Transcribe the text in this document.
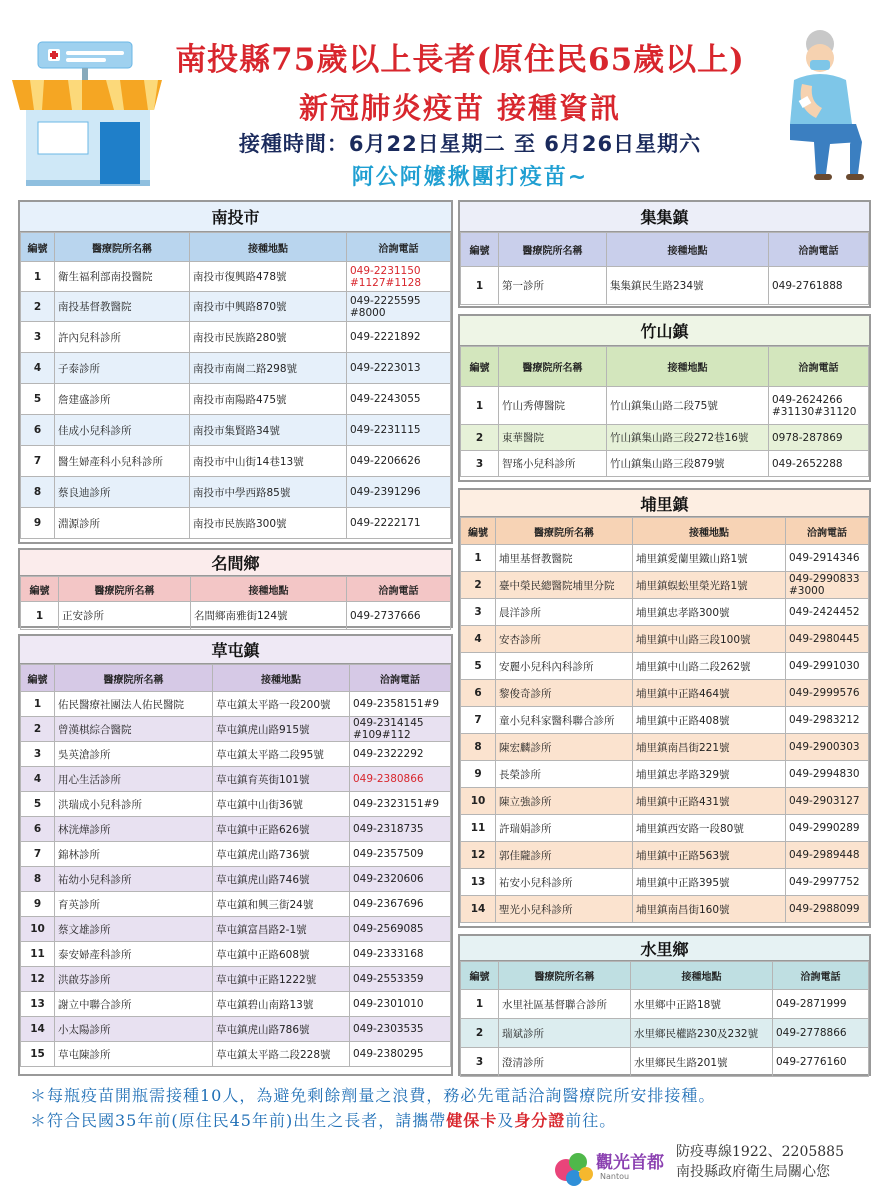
南投縣75歲以上長者(原住民65歲以上)
新冠肺炎疫苗 接種資訊
接種時間：6月22日星期二 至 6月26日星期六
阿公阿嬤揪團打疫苗~
南投市
編號	醫療院所名稱	接種地點	洽詢電話
1	衛生福利部南投醫院	南投市復興路478號	049-2231150
#1127#1128

2	南投基督教醫院	南投市中興路870號	049-2225595
#8000

3	許內兒科診所	南投市民族路280號	049-2221892

4	子泰診所	南投市南崗二路298號	049-2223013

5	詹建盛診所	南投市南陽路475號	049-2243055

6	佳成小兒科診所	南投市集賢路34號	049-2231115

7	醫生婦產科小兒科診所	南投市中山街14巷13號	049-2206626

8	蔡良迪診所	南投市中學西路85號	049-2391296

9	淵源診所	南投市民族路300號	049-2222171
名間鄉
編號	醫療院所名稱	接種地點	洽詢電話
1	正安診所	名間鄉南雅街124號	049-2737666
草屯鎮
編號	醫療院所名稱	接種地點	洽詢電話
1	佑民醫療社團法人佑民醫院	草屯鎮太平路一段200號	049-2358151#9

2	曾漢棋綜合醫院	草屯鎮虎山路915號	049-2314145
#109#112

3	吳英滄診所	草屯鎮太平路二段95號	049-2322292

4	用心生活診所	草屯鎮育英街101號	049-2380866

5	洪瑞成小兒科診所	草屯鎮中山街36號	049-2323151#9

6	林洸燁診所	草屯鎮中正路626號	049-2318735

7	錦林診所	草屯鎮虎山路736號	049-2357509

8	祐幼小兒科診所	草屯鎮虎山路746號	049-2320606

9	育英診所	草屯鎮和興三街24號	049-2367696

10	蔡文雄診所	草屯鎮富昌路2-1號	049-2569085

11	泰安婦產科診所	草屯鎮中正路608號	049-2333168

12	洪啟芬診所	草屯鎮中正路1222號	049-2553359

13	謝立中聯合診所	草屯鎮碧山南路13號	049-2301010

14	小太陽診所	草屯鎮虎山路786號	049-2303535

15	草屯陳診所	草屯鎮太平路二段228號	049-2380295
集集鎮
編號	醫療院所名稱	接種地點	洽詢電話
1	第一診所	集集鎮民生路234號	049-2761888
竹山鎮
編號	醫療院所名稱	接種地點	洽詢電話
1	竹山秀傳醫院	竹山鎮集山路二段75號	049-2624266
#31130#31120

2	東華醫院	竹山鎮集山路三段272巷16號	0978-287869

3	智瑤小兒科診所	竹山鎮集山路三段879號	049-2652288
埔里鎮
編號	醫療院所名稱	接種地點	洽詢電話
1	埔里基督教醫院	埔里鎮愛蘭里鐵山路1號	049-2914346

2	臺中榮民總醫院埔里分院	埔里鎮蜈蚣里榮光路1號	049-2990833
#3000

3	晨洋診所	埔里鎮忠孝路300號	049-2424452

4	安杏診所	埔里鎮中山路三段100號	049-2980445

5	安麗小兒科內科診所	埔里鎮中山路二段262號	049-2991030

6	黎俊奇診所	埔里鎮中正路464號	049-2999576

7	童小兒科家醫科聯合診所	埔里鎮中正路408號	049-2983212

8	陳宏麟診所	埔里鎮南昌街221號	049-2900303

9	長榮診所	埔里鎮忠孝路329號	049-2994830

10	陳立強診所	埔里鎮中正路431號	049-2903127

11	許瑞娟診所	埔里鎮西安路一段80號	049-2990289

12	郭佳隴診所	埔里鎮中正路563號	049-2989448

13	祐安小兒科診所	埔里鎮中正路395號	049-2997752

14	聖光小兒科診所	埔里鎮南昌街160號	049-2988099
水里鄉
編號	醫療院所名稱	接種地點	洽詢電話
1	水里社區基督聯合診所	水里鄉中正路18號	049-2871999

2	瑞斌診所	水里鄉民權路230及232號	049-2778866

3	澄清診所	水里鄉民生路201號	049-2776160
＊每瓶疫苗開瓶需接種10人，為避免剩餘劑量之浪費，務必先電話洽詢醫療院所安排接種。
＊符合民國35年前(原住民45年前)出生之長者，請攜帶健保卡及身分證前往。
觀光首都
Nantou
防疫專線1922、2205885
南投縣政府衛生局關心您
